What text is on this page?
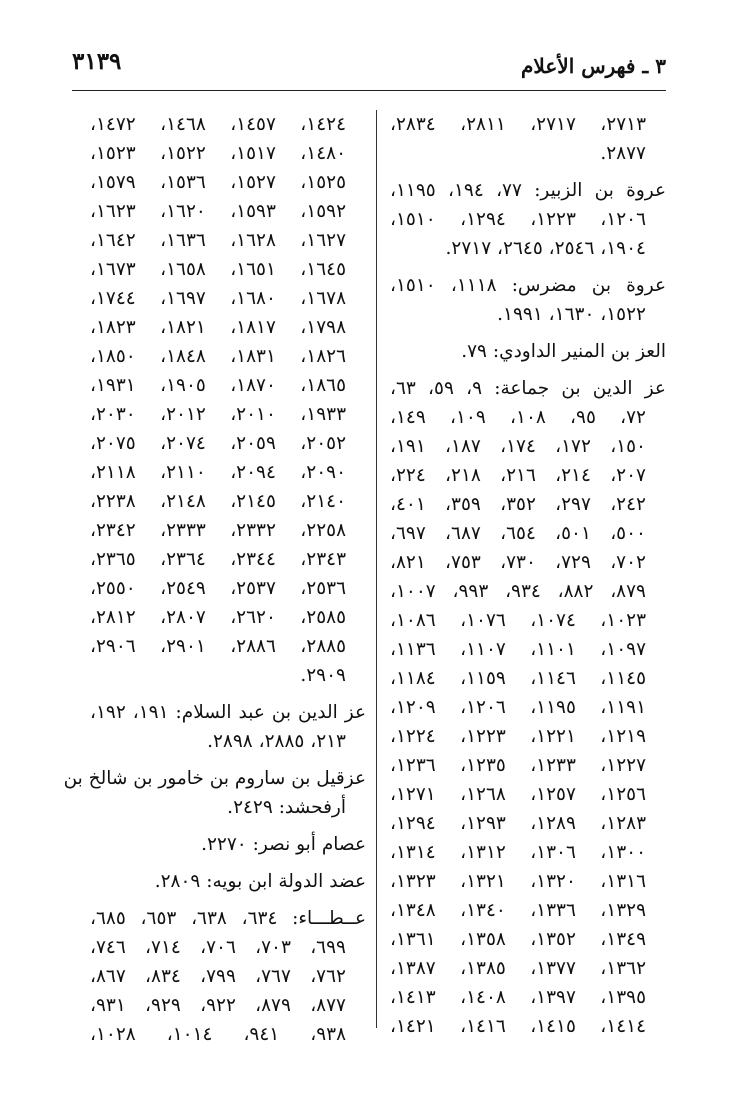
٣ ـ فهرس الأعلام
٣١٣٩
٢٧١٣، ٢٧١٧، ٢٨١١، ٢٨٣٤،
٢٨٧٧.
عروة بن الزبير: ٧٧، ١٩٤، ١١٩٥،
١٢٠٦، ١٢٢٣، ١٢٩٤، ١٥١٠،
١٩٠٤، ٢٥٤٦، ٢٦٤٥، ٢٧١٧.
عروة بن مضرس: ١١١٨، ١٥١٠،
١٥٢٢، ١٦٣٠، ١٩٩١.
العز بن المنير الداودي: ٧٩.
عز الدين بن جماعة: ٩، ٥٩، ٦٣،
٧٢، ٩٥، ١٠٨، ١٠٩، ١٤٩،
١٥٠، ١٧٢، ١٧٤، ١٨٧، ١٩١،
٢٠٧، ٢١٤، ٢١٦، ٢١٨، ٢٢٤،
٢٤٢، ٢٩٧، ٣٥٢، ٣٥٩، ٤٠١،
٥٠٠، ٥٠١، ٦٥٤، ٦٨٧، ٦٩٧،
٧٠٢، ٧٢٩، ٧٣٠، ٧٥٣، ٨٢١،
٨٧٩، ٨٨٢، ٩٣٤، ٩٩٣، ١٠٠٧،
١٠٢٣، ١٠٧٤، ١٠٧٦، ١٠٨٦،
١٠٩٧، ١١٠١، ١١٠٧، ١١٣٦،
١١٤٥، ١١٤٦، ١١٥٩، ١١٨٤،
١١٩١، ١١٩٥، ١٢٠٦، ١٢٠٩،
١٢١٩، ١٢٢١، ١٢٢٣، ١٢٢٤،
١٢٢٧، ١٢٣٣، ١٢٣٥، ١٢٣٦،
١٢٥٦، ١٢٥٧، ١٢٦٨، ١٢٧١،
١٢٨٣، ١٢٨٩، ١٢٩٣، ١٢٩٤،
١٣٠٠، ١٣٠٦، ١٣١٢، ١٣١٤،
١٣١٦، ١٣٢٠، ١٣٢١، ١٣٢٣،
١٣٢٩، ١٣٣٦، ١٣٤٠، ١٣٤٨،
١٣٤٩، ١٣٥٢، ١٣٥٨، ١٣٦١،
١٣٦٢، ١٣٧٧، ١٣٨٥، ١٣٨٧،
١٣٩٥، ١٣٩٧، ١٤٠٨، ١٤١٣،
١٤١٤، ١٤١٥، ١٤١٦، ١٤٢١،
١٤٢٤، ١٤٥٧، ١٤٦٨، ١٤٧٢،
١٤٨٠، ١٥١٧، ١٥٢٢، ١٥٢٣،
١٥٢٥، ١٥٢٧، ١٥٣٦، ١٥٧٩،
١٥٩٢، ١٥٩٣، ١٦٢٠، ١٦٢٣،
١٦٢٧، ١٦٢٨، ١٦٣٦، ١٦٤٢،
١٦٤٥، ١٦٥١، ١٦٥٨، ١٦٧٣،
١٦٧٨، ١٦٨٠، ١٦٩٧، ١٧٤٤،
١٧٩٨، ١٨١٧، ١٨٢١، ١٨٢٣،
١٨٢٦، ١٨٣١، ١٨٤٨، ١٨٥٠،
١٨٦٥، ١٨٧٠، ١٩٠٥، ١٩٣١،
١٩٣٣، ٢٠١٠، ٢٠١٢، ٢٠٣٠،
٢٠٥٢، ٢٠٥٩، ٢٠٧٤، ٢٠٧٥،
٢٠٩٠، ٢٠٩٤، ٢١١٠، ٢١١٨،
٢١٤٠، ٢١٤٥، ٢١٤٨، ٢٢٣٨،
٢٢٥٨، ٢٣٣٢، ٢٣٣٣، ٢٣٤٢،
٢٣٤٣، ٢٣٤٤، ٢٣٦٤، ٢٣٦٥،
٢٥٣٦، ٢٥٣٧، ٢٥٤٩، ٢٥٥٠،
٢٥٨٥، ٢٦٢٠، ٢٨٠٧، ٢٨١٢،
٢٨٨٥، ٢٨٨٦، ٢٩٠١، ٢٩٠٦،
٢٩٠٩.
عز الدين بن عبد السلام: ١٩١، ١٩٢،
٢١٣، ٢٨٨٥، ٢٨٩٨.
عزقيل بن ساروم بن خامور بن شالخ بن
أرفحشد: ٢٤٢٩.
عصام أبو نصر: ٢٢٧٠.
عضد الدولة ابن بويه: ٢٨٠٩.
عــطـــاء: ٦٣٤، ٦٣٨، ٦٥٣، ٦٨٥،
٦٩٩، ٧٠٣، ٧٠٦، ٧١٤، ٧٤٦،
٧٦٢، ٧٦٧، ٧٩٩، ٨٣٤، ٨٦٧،
٨٧٧، ٨٧٩، ٩٢٢، ٩٢٩، ٩٣١،
٩٣٨، ٩٤١، ١٠١٤، ١٠٢٨،
